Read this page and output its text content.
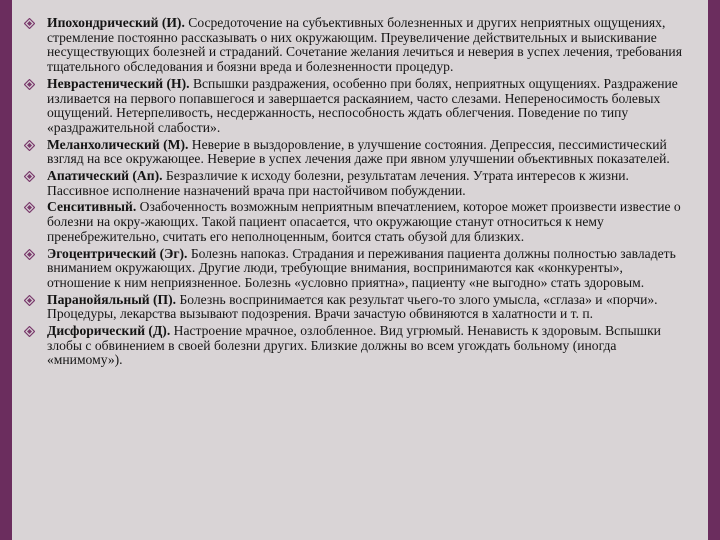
Ипохондрический (И). Сосредоточение на субъективных болезненных и других неприятных ощущениях, стремление постоянно рассказывать о них окружающим. Преувеличение действительных и выискивание несуществующих болезней и страданий. Сочетание желания лечиться и неверия в успех лечения, требования тщательного обследования и боязни вреда и болезненности процедур.
Неврастенический (Н). Вспышки раздражения, особенно при болях, неприятных ощущениях. Раздражение изливается на первого попавшегося и завершается раскаянием, часто слезами. Непереносимость болевых ощущений. Нетерпеливость, несдержанность, неспособность ждать облегчения. Поведение по типу «раздражительной слабости».
Меланхолический (М). Неверие в выздоровление, в улучшение состояния. Депрессия, пессимистический взгляд на все окружающее. Неверие в успех лечения даже при явном улучшении объективных показателей.
Апатический (Ап). Безразличие к исходу болезни, результатам лечения. Утрата интересов к жизни. Пассивное исполнение назначений врача при настойчивом побуждении.
Сенситивный. Озабоченность возможным неприятным впечатлением, которое может произвести известие о болезни на окру-жающих. Такой пациент опасается, что окружающие станут относиться к нему пренебрежительно, считать его неполноценным, боится стать обузой для близких.
Эгоцентрический (Эг). Болезнь напоказ. Страдания и переживания пациента должны полностью завладеть вниманием окружающих. Другие люди, требующие внимания, воспринимаются как «конкуренты», отношение к ним неприязненное. Болезнь «условно приятна», пациенту «не выгодно» стать здоровым.
Паранойяльный (П). Болезнь воспринимается как результат чьего-то злого умысла, «сглаза» и «порчи». Процедуры, лекарства вызывают подозрения. Врачи зачастую обвиняются в халатности и т. п.
Дисфорический (Д). Настроение мрачное, озлобленное. Вид угрюмый. Ненависть к здоровым. Вспышки злобы с обвинением в своей болезни других. Близкие должны во всем угождать больному (иногда «мнимому»).
